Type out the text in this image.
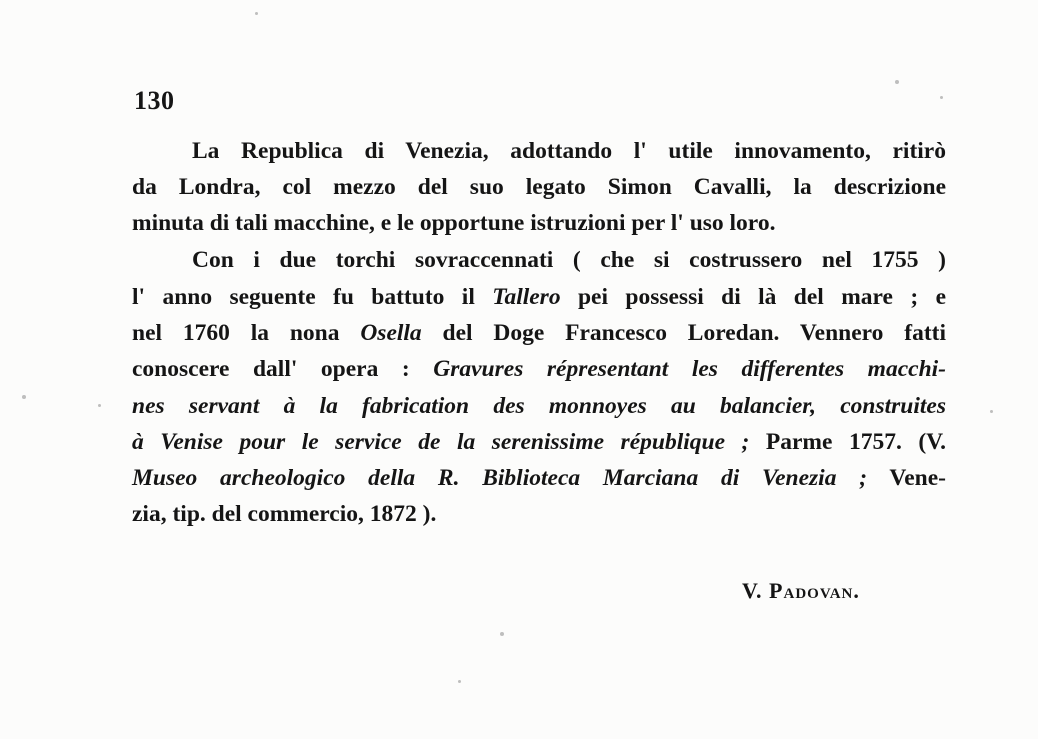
130
La Republica di Venezia, adottando l' utile innovamento, ritirò
da Londra, col mezzo del suo legato Simon Cavalli, la descrizione
minuta di tali macchine, e le opportune istruzioni per l' uso loro.
Con i due torchi sovraccennati ( che si costrussero nel 1755 )
l' anno seguente fu battuto il Tallero pei possessi di là del mare ; e
nel 1760 la nona Osella del Doge Francesco Loredan. Vennero fatti
conoscere dall' opera : Gravures répresentant les differentes macchi-
nes servant à la fabrication des monnoyes au balancier, construites
à Venise pour le service de la serenissime république ; Parme 1757. (V.
Museo archeologico della R. Biblioteca Marciana di Venezia ; Vene-
zia, tip. del commercio, 1872 ).
V. Padovan.
